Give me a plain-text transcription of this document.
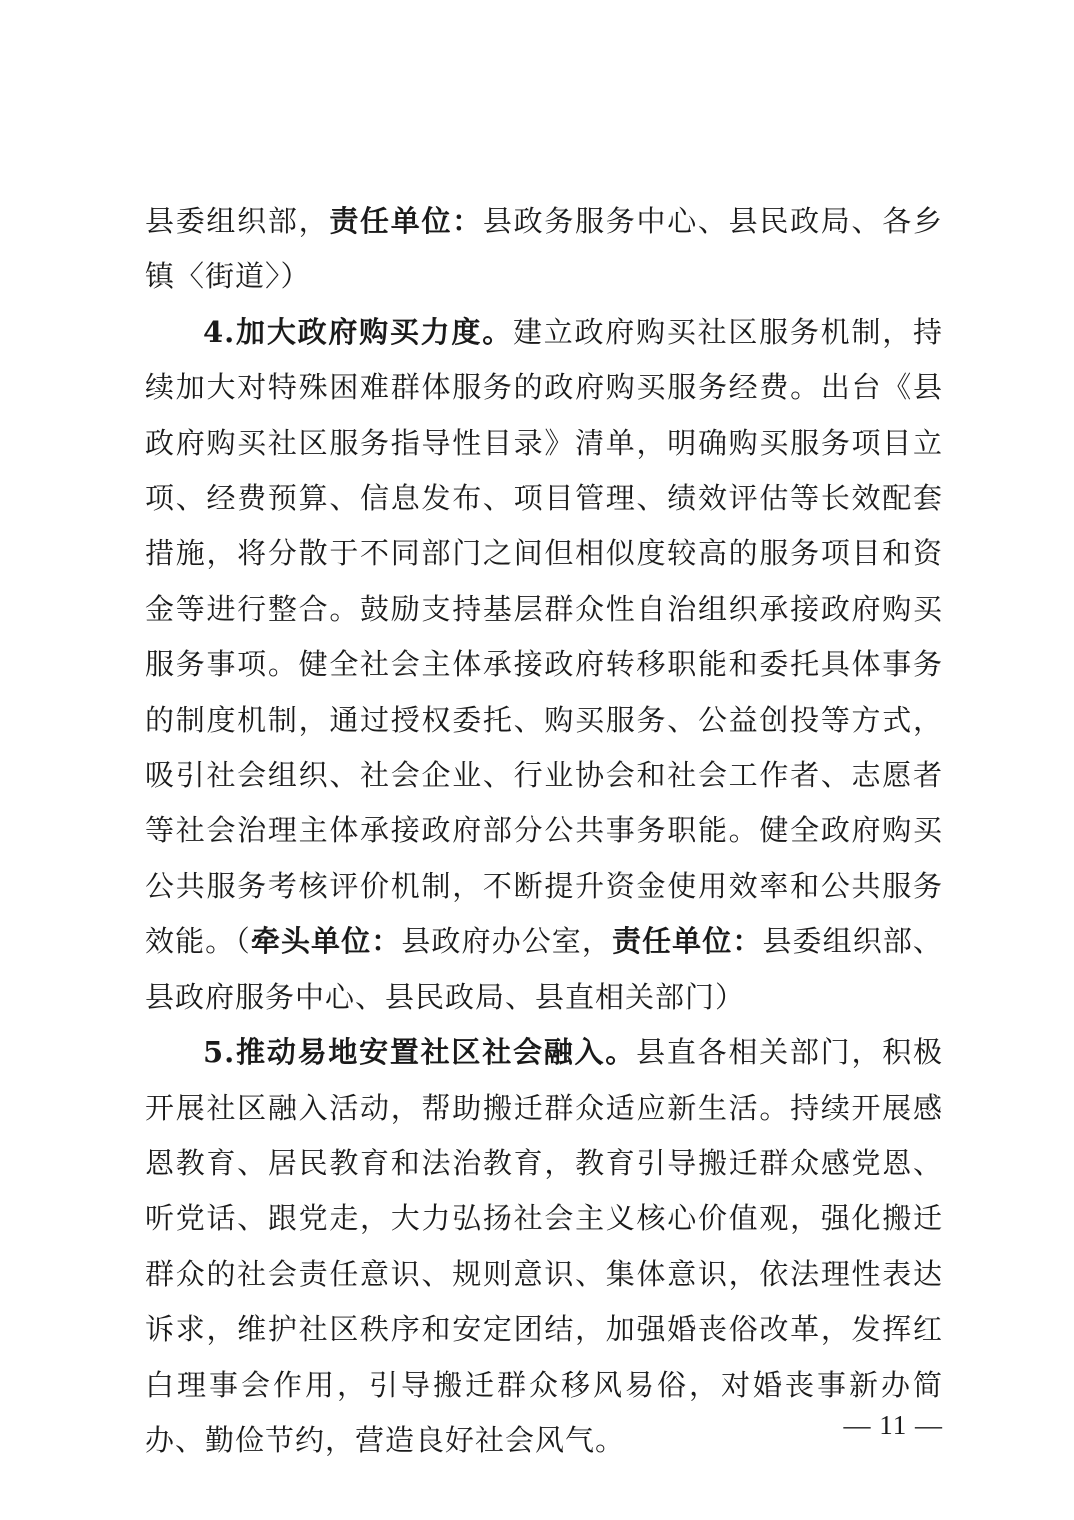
县委组织部，责任单位：县政务服务中心、县民政局、各乡镇〈街道〉）

4.加大政府购买力度。建立政府购买社区服务机制，持续加大对特殊困难群体服务的政府购买服务经费。出台《县政府购买社区服务指导性目录》清单，明确购买服务项目立项、经费预算、信息发布、项目管理、绩效评估等长效配套措施，将分散于不同部门之间但相似度较高的服务项目和资金等进行整合。鼓励支持基层群众性自治组织承接政府购买服务事项。健全社会主体承接政府转移职能和委托具体事务的制度机制，通过授权委托、购买服务、公益创投等方式，吸引社会组织、社会企业、行业协会和社会工作者、志愿者等社会治理主体承接政府部分公共事务职能。健全政府购买公共服务考核评价机制，不断提升资金使用效率和公共服务效能。（牵头单位：县政府办公室，责任单位：县委组织部、县政府服务中心、县民政局、县直相关部门）

5.推动易地安置社区社会融入。县直各相关部门，积极开展社区融入活动，帮助搬迁群众适应新生活。持续开展感恩教育、居民教育和法治教育，教育引导搬迁群众感党恩、听党话、跟党走，大力弘扬社会主义核心价值观，强化搬迁群众的社会责任意识、规则意识、集体意识，依法理性表达诉求，维护社区秩序和安定团结，加强婚丧俗改革，发挥红白理事会作用，引导搬迁群众移风易俗，对婚丧事新办简办、勤俭节约，营造良好社会风气。	— 11 —
